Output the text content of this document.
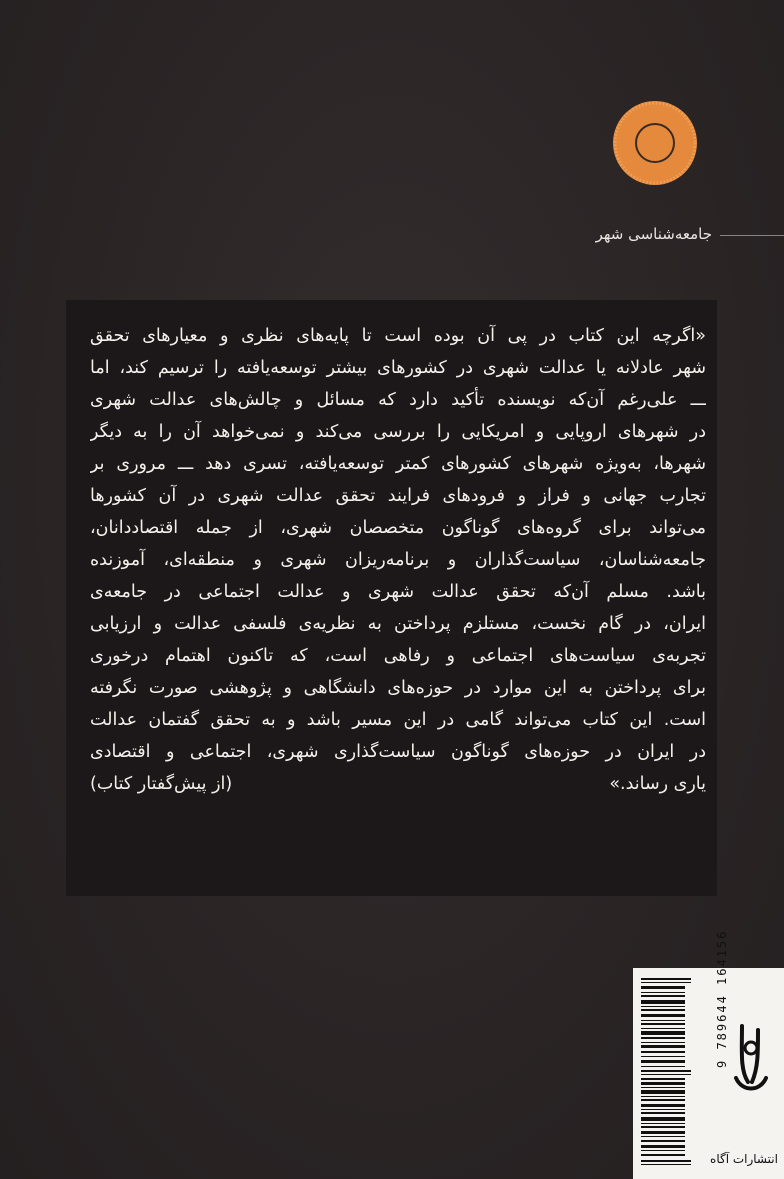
جامعه‌شناسی شهر
«اگرچه این کتاب در پی آن بوده است تا پایه‌های نظری و معیارهای تحقق
شهر عادلانه یا عدالت شهری در کشورهای بیشتر توسعه‌یافته را ترسیم کند، اما
ـــ علی‌رغم آن‌که نویسنده تأکید دارد که مسائل و چالش‌های عدالت شهری
در شهرهای اروپایی و امریکایی را بررسی می‌کند و نمی‌خواهد آن را به دیگر
شهرها، به‌ویژه شهرهای کشورهای کمتر توسعه‌یافته، تسری دهد ـــ مروری بر
تجارب جهانی و فراز و فرودهای فرایند تحقق عدالت شهری در آن کشورها
می‌تواند برای گروه‌های گوناگون متخصصان شهری، از جمله اقتصاددانان،
جامعه‌شناسان، سیاست‌گذاران و برنامه‌ریزان شهری و منطقه‌ای، آموزنده
باشد. مسلم آن‌که تحقق عدالت شهری و عدالت اجتماعی در جامعه‌ی
ایران، در گام نخست، مستلزم پرداختن به نظریه‌ی فلسفی عدالت و ارزیابی
تجربه‌ی سیاست‌های اجتماعی و رفاهی است، که تاکنون اهتمام درخوری
برای پرداختن به این موارد در حوزه‌های دانشگاهی و پژوهشی صورت نگرفته
است. این کتاب می‌تواند گامی در این مسیر باشد و به تحقق گفتمان عدالت
در ایران در حوزه‌های گوناگون سیاست‌گذاری شهری، اجتماعی و اقتصادی
یاری رساند.»
(از پیش‌گفتار کتاب)
9 789644 164156
انتشارات آگاه
